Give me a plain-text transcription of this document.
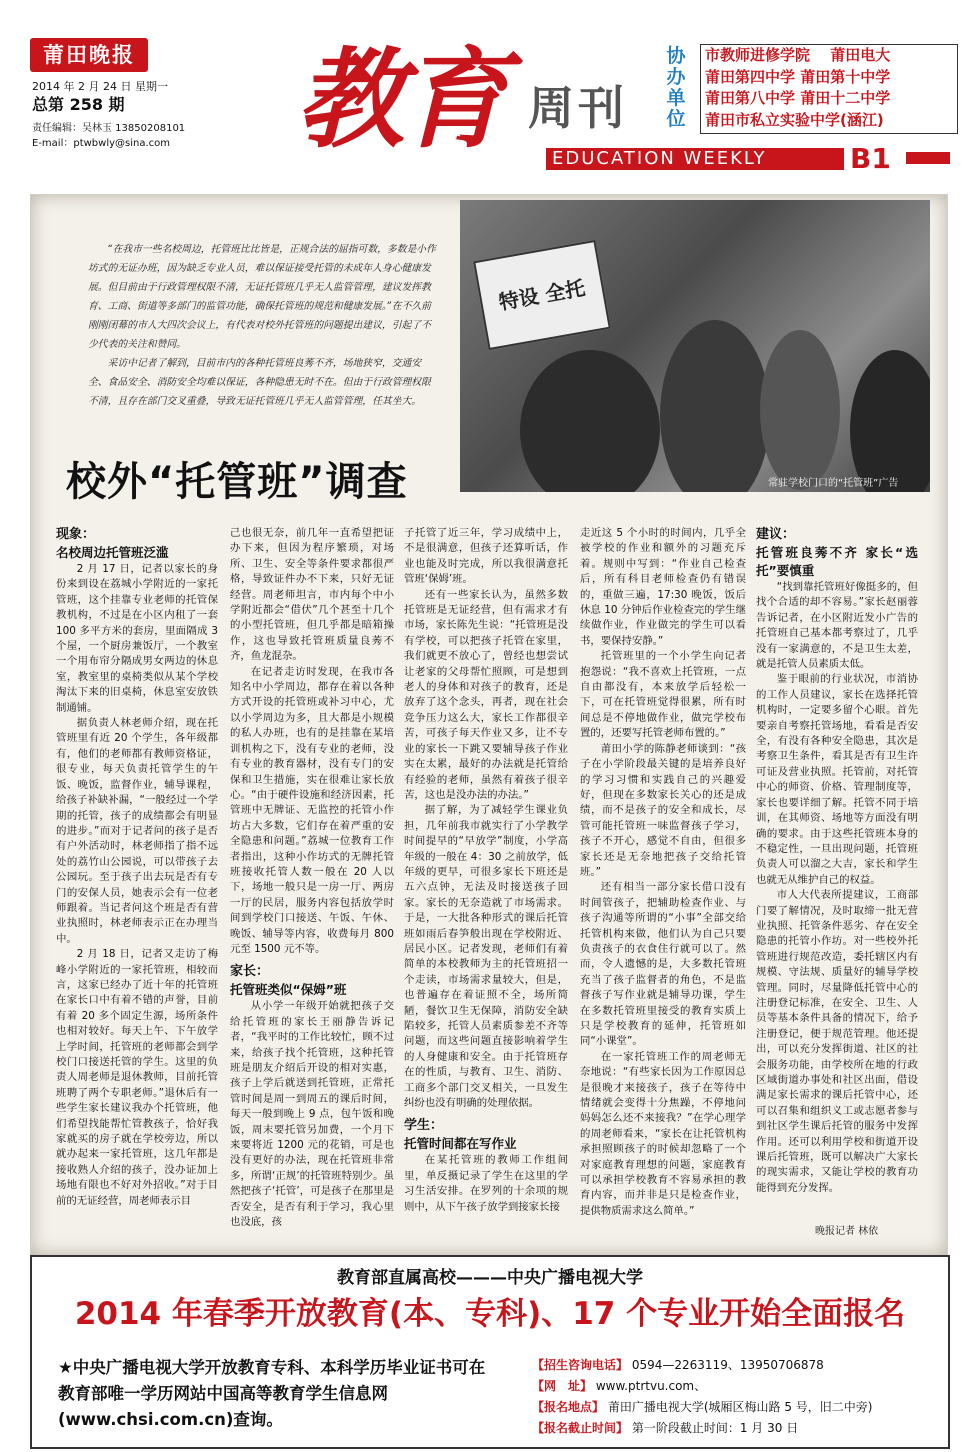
莆田晚报
2014 年 2 月 24 日 星期一
总第 258 期
责任编辑：吴林玉 13850208101
E-mail：ptwbwly@sina.com 教育 周刊
协办单位
市教师进修学院　 莆田电大
莆田第四中学 莆田第十中学
莆田第八中学 莆田十二中学
莆田市私立实验中学(涵江)
EDUCATION WEEKLY	B1

“在我市一些名校周边，托管班比比皆是，正规合法的屈指可数，多数是小作坊式的无证办班，因为缺乏专业人员，难以保证接受托管的未成年人身心健康发展。但目前由于行政管理权限不清，无证托管班几乎无人监管管理，建议发挥教育、工商、街道等多部门的监管功能，确保托管班的规范和健康发展。”在不久前刚刚闭幕的市人大四次会议上，有代表对校外托管班的问题提出建议，引起了不少代表的关注和赞同。

采访中记者了解到，目前市内的各种托管班良莠不齐，场地狭窄，交通安全、食品安全、消防安全均难以保证，各种隐患无时不在。但由于行政管理权限不清，且存在部门交叉重叠，导致无证托管班几乎无人监管管理，任其坐大。

特设 全托
常驻学校门口的“托管班”广告
校外“托管班”调查
现象：
名校周边托管班泛滥

2 月 17 日，记者以家长的身份来到设在荔城小学附近的一家托管班，这个挂靠专业老师的托管保教机构，不过是在小区内租了一套 100 多平方米的套房，里面隔成 3 个屋，一个厨房兼饭厅，一个教室一个用布帘分隔成男女两边的休息室，教室里的桌椅类似从某个学校淘汰下来的旧桌椅，休息室安放铁制通铺。

据负责人林老师介绍，现在托管班里有近 20 个学生，各年级都有，他们的老师都有教师资格证，很专业，每天负责托管学生的午饭、晚饭，监督作业，辅导课程，给孩子补缺补漏，“一般经过一个学期的托管，孩子的成绩都会有明显的进步。”而对于记者问的孩子是否有户外活动时，林老师指了指不远处的荔竹山公园说，可以带孩子去公园玩。至于孩子出去玩是否有专门的安保人员，她表示会有一位老师跟着。当记者问这个班是否有营业执照时，林老师表示正在办理当中。

2 月 18 日，记者又走访了梅峰小学附近的一家托管班，相较而言，这家已经办了近十年的托管班在家长口中有着不错的声誉，目前有着 20 多个固定生源，场所条件也相对较好。每天上午、下午放学上学时间，托管班的老师都会到学校门口接送托管的学生。这里的负责人周老师是退休教师，目前托管班聘了两个专职老师。”退休后有一些学生家长建议我办个托管班，他们希望找能帮忙管教孩子，恰好我家就买的房子就在学校旁边，所以就办起来一家托管班，这几年都是接收熟人介绍的孩子，没办证加上场地有限也不好对外招收。”对于目前的无证经营，周老师表示目

己也很无奈，前几年一直希望把证办下来，但因为程序繁琐，对场所、卫生、安全等条件要求都很严格，导致证件办不下来，只好无证经营。周老师坦言，市内每个中小学附近都会“借伏”几个甚至十几个的小型托管班，但几乎都是暗箱操作，这也导致托管班质量良莠不齐，鱼龙混杂。

在记者走访时发现，在我市各知名中小学周边，都存在着以各种方式开设的托管班或补习中心，尤以小学周边为多，且大都是小规模的私人办班，也有的是挂靠在某培训机构之下，没有专业的老师，没有专业的教育器材，没有专门的安保和卫生措施，实在很难让家长放心。“由于硬件设施和经济因素，托管班中无牌证、无监控的托管小作坊占大多数，它们存在着严重的安全隐患和问题。”荔城一位教育工作者指出，这种小作坊式的无牌托管班接收托管人数一般在 20 人以下，场地一般只是一房一厅、两房一厅的民居，服务内容包括放学时间到学校门口接送、午饭、午休、晚饭、辅导等内容，收费每月 800 元至 1500 元不等。

家长：
托管班类似“保姆”班

从小学一年级开始就把孩子交给托管班的家长王丽静告诉记者，“我平时的工作比较忙，顾不过来，给孩子找个托管班，这种托管班是朋友介绍后开设的相对实惠，孩子上学后就送到托管班，正常托管时间是周一到周五的课后时间，每天一般到晚上 9 点，包午饭和晚饭，周末要托管另加费，一个月下来要将近 1200 元的花销，可是也没有更好的办法，现在托管班非常多，所谓‘正规’的托管班特别少。虽然把孩子‘托管’，可是孩子在那里是否安全，是否有利于学习，我心里也没底，孩

子托管了近三年，学习成绩中上，不是很满意，但孩子还算听话，作业也能及时完成，所以我很满意托管班‘保姆’班。

还有一些家长认为，虽然多数托管班是无证经营，但有需求才有市场，家长陈先生说：“托管班是没有学校，可以把孩子托管在家里，我们就更不放心了，曾经也想尝试让老家的父母帮忙照顾，可是想到老人的身体和对孩子的教育，还是放弃了这个念头，再者，现在社会竞争压力这么大，家长工作都很辛苦，可孩子每天作业又多，让不专业的家长一下跳又要辅导孩子作业实在太累，最好的办法就是托管给有经验的老师，虽然有着孩子很辛苦，这也是没办法的办法。”

据了解，为了减轻学生课业负担，几年前我市就实行了小学教学时间提早的“早放学”制度，小学高年级的一般在 4：30 之前放学，低年级的更早，可很多家长下班还是五六点钟，无法及时接送孩子回家。家长的无奈造就了市场需求。于是，一大批各种形式的课后托管班如雨后春笋般出现在学校附近、居民小区。记者发现，老师们有着简单的本校教师为主的托管班招一个走读，市场需求量较大，但是，也普遍存在着证照不全，场所简陋，餐饮卫生无保障，消防安全缺陷较多，托管人员素质参差不齐等问题，而这些问题直接影响着学生的人身健康和安全。由于托管班存在的性质，与教育、卫生、消防、工商多个部门交叉相关，一旦发生纠纷也没有明确的处理依据。

学生：
托管时间都在写作业

在某托管班的教师工作组间里，单反摄记录了学生在这里的学习生活安排。在罗列的十余项的规则中，从下午孩子放学到接家长接

走近这 5 个小时的时间内，几乎全被学校的作业和额外的习题充斥着。规则中写到：“作业自己检查后，所有科目老师检查仍有错误的，重做三遍，17:30 晚饭，饭后休息 10 分钟后作业检查完的学生继续做作业，作业做完的学生可以看书，要保持安静。”

托管班里的一个小学生向记者抱怨说：“我不喜欢上托管班，一点自由都没有，本来放学后轻松一下，可在托管班觉得很累，所有时间总是不停地做作业，做完学校布置的，还要写托管老师布置的。”

莆田小学的陈静老师谈到：“孩子在小学阶段最关键的是培养良好的学习习惯和实践自己的兴趣爱好，但现在多数家长关心的还是成绩，而不是孩子的安全和成长，尽管可能托管班一味监督孩子学习，孩子不开心，感觉不自由，但很多家长还是无奈地把孩子交给托管班。”

还有相当一部分家长借口没有时间管孩子，把辅助检查作业、与孩子沟通等所谓的“小事”全部交给托管机构来做，他们认为自己只要负责孩子的衣食住行就可以了。然而，令人遗憾的是，大多数托管班充当了孩子监督者的角色，不是监督孩子写作业就是辅导功课，学生在多数托管班里接受的教育实质上只是学校教育的延伸，托管班如同“小课堂”。

在一家托管班工作的周老师无奈地说：“有些家长因为工作原因总是很晚才来接孩子，孩子在等待中情绪就会变得十分焦躁，不停地问妈妈怎么还不来接我？”在学心理学的周老师看来，“家长在让托管机构承担照顾孩子的时候却忽略了一个对家庭教育理想的问题，家庭教育可以承担学校教育不容易承担的教育内容，而并非是只是检查作业，提供物质需求这么简单。”

建议：
托管班良莠不齐 家长“选托”要慎重

“找到靠托管班好像挺多的，但找个合适的却不容易。”家长赵丽蓉告诉记者，在小区附近发小广告的托管班自己基本都考察过了，几乎没有一家满意的，不是卫生太差，就是托管人员素质太低。

鉴于眼前的行业状况，市消协的工作人员建议，家长在选择托管机构时，一定要多留个心眼。首先要亲自考察托管场地，看看是否安全，有没有各种安全隐患，其次是考察卫生条件，看其是否有卫生许可证及营业执照。托管前，对托管中心的师资、价格、管理制度等，家长也要详细了解。托管不同于培训，在其师资、场地等方面没有明确的要求。由于这些托管班本身的不稳定性，一旦出现问题，托管班负责人可以溜之大吉，家长和学生也就无从维护自己的权益。

市人大代表所提建议，工商部门要了解情况，及时取缔一批无营业执照、托管条件恶劣、存在安全隐患的托管小作坊。对一些校外托管班进行规范改造，委托辖区内有规模、守法规、质量好的辅导学校管理。同时，尽量降低托管中心的注册登记标准，在安全、卫生、人员等基本条件具备的情况下，给予注册登记，便于规范管理。他还提出，可以充分发挥街道、社区的社会服务功能，由学校所在地的行政区域街道办事处和社区出面，借设满足家长需求的课后托管中心，还可以召集和组织义工或志愿者参与到社区学生课后托管的服务中发挥作用。还可以利用学校和街道开设课后托管班，既可以解决广大家长的现实需求，又能让学校的教育功能得到充分发挥。

晚报记者 林依
教育部直属高校———中央广播电视大学
2014 年春季开放教育(本、专科)、17 个专业开始全面报名
★中央广播电视大学开放教育专科、本科学历毕业证书可在教育部唯一学历网站中国高等教育学生信息网(www.chsi.com.cn)查询。
【招生咨询电话】 0594—2263119、13950706878
【网　址】 www.ptrtvu.com、
【报名地点】 莆田广播电视大学(城厢区梅山路 5 号，旧二中旁)
【报名截止时间】 第一阶段截止时间：1 月 30 日
